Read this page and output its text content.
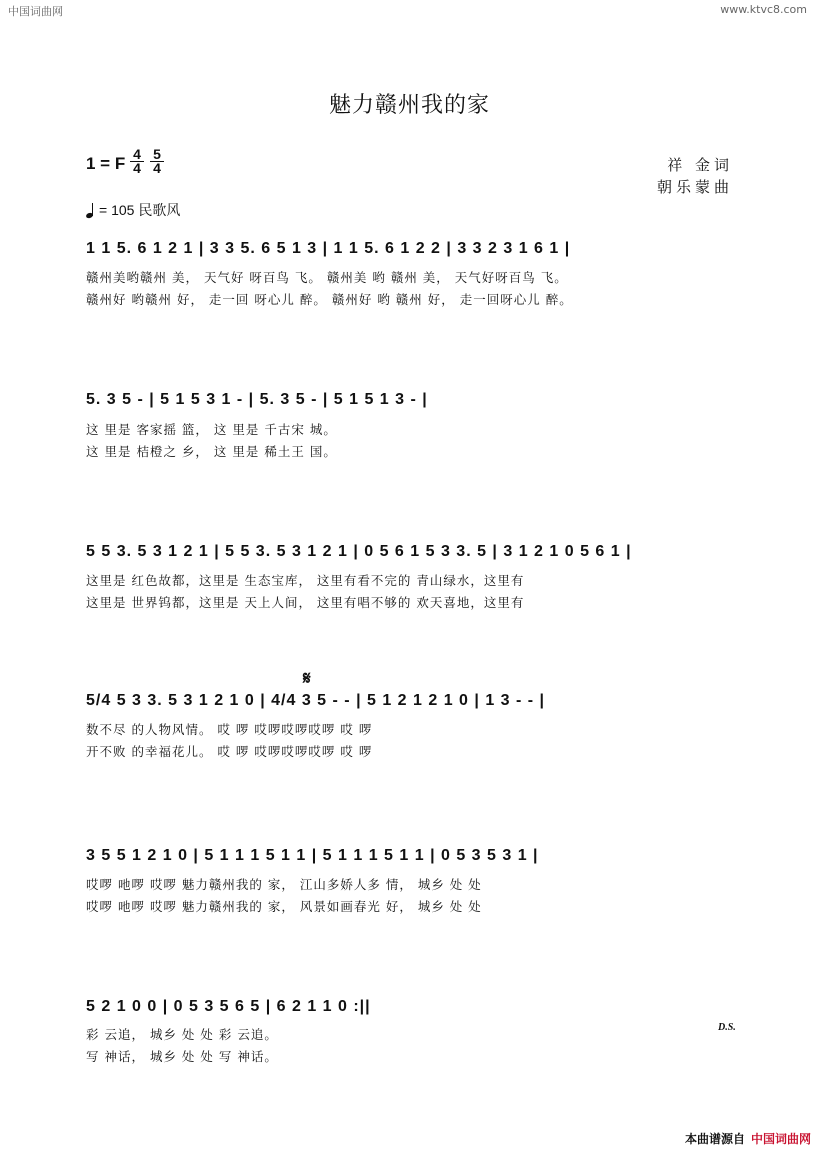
中国词曲网	www.ktvc8.com
魅力赣州我的家
1 = F 4
4
5
4	祥 金词
朝乐蒙曲
= 105 民歌风
1 1 5. 6 1 2 1 | 3 3 5. 6 5 1 3 | 1 1 5. 6 1 2 2 | 3 3 2 3 1 6 1 |
赣州美哟赣州 美， 天气好 呀百鸟 飞。 赣州美 哟 赣州 美， 天气好呀百鸟 飞。
赣州好 哟赣州 好， 走一回 呀心儿 醉。 赣州好 哟 赣州 好， 走一回呀心儿 醉。
5. 3 5 - | 5 1 5 3 1 - | 5. 3 5 - | 5 1 5 1 3 - |
这 里是 客家摇 篮， 这 里是 千古宋 城。
这 里是 桔橙之 乡， 这 里是 稀土王 国。
5 5 3. 5 3 1 2 1 | 5 5 3. 5 3 1 2 1 | 0 5 6 1 5 3 3. 5 | 3 1 2 1 0 5 6 1 |
这里是 红色故都，这里是 生态宝库， 这里有看不完的 青山绿水，这里有
这里是 世界钨都，这里是 天上人间， 这里有唱不够的 欢天喜地，这里有
𝄋
5/4 5 3 3. 5 3 1 2 1 0 | 4/4 3 5 - - | 5 1 2 1 2 1 0 | 1 3 - - |
数不尽 的人物风情。 哎 啰 哎啰哎啰哎啰 哎 啰
开不败 的幸福花儿。 哎 啰 哎啰哎啰哎啰 哎 啰
3 5 5 1 2 1 0 | 5 1 1 1 5 1 1 | 5 1 1 1 5 1 1 | 0 5 3 5 3 1 |
哎啰 吔啰 哎啰 魅力赣州我的 家， 江山多娇人多 情， 城乡 处 处
哎啰 吔啰 哎啰 魅力赣州我的 家， 风景如画春光 好， 城乡 处 处
5 2 1 0 0 | 0 5 3 5 6 5 | 6 2 1 1 0 :||
D.S.
彩 云追， 城乡 处 处 彩 云追。
写 神话， 城乡 处 处 写 神话。
本曲谱源自 中国词曲网
